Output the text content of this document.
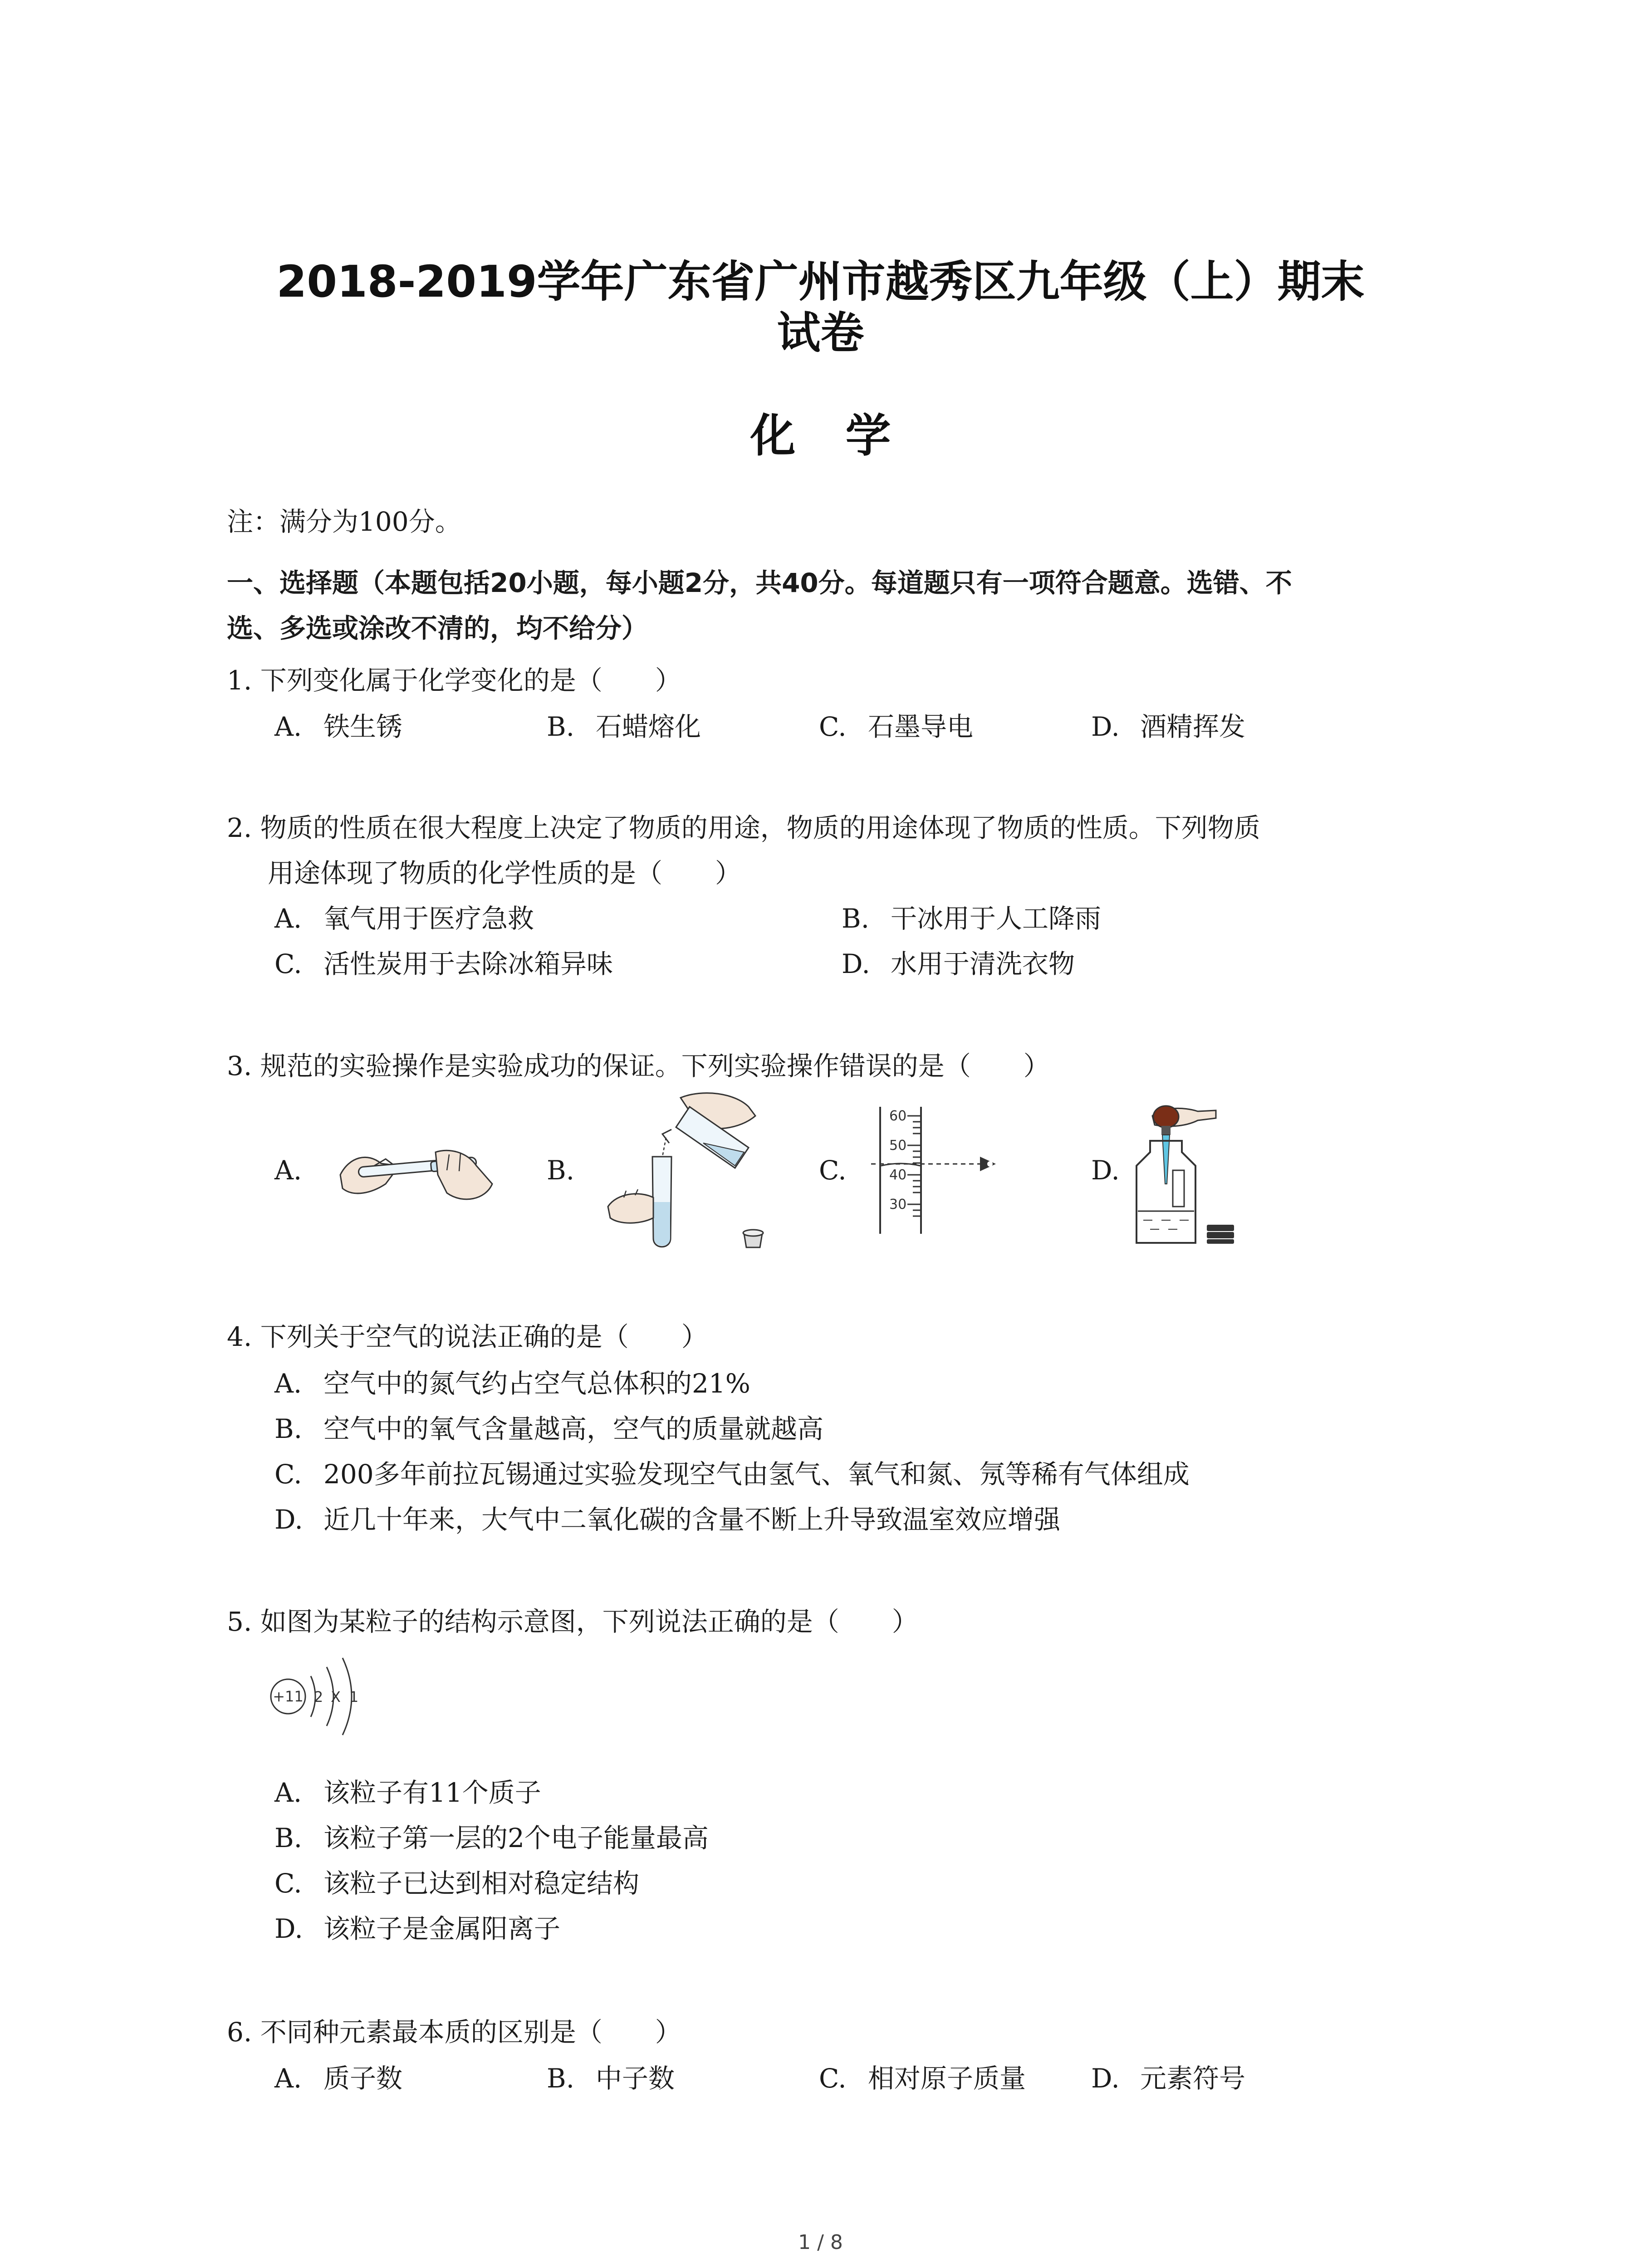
2018-2019学年广东省广州市越秀区九年级（上）期末
试卷
化学
注：满分为100分。
一、选择题（本题包括20小题，每小题2分，共40分。每道题只有一项符合题意。选错、不
选、多选或涂改不清的，均不给分）
1. 下列变化属于化学变化的是（　　）
A. 铁生锈	B. 石蜡熔化	C. 石墨导电	D. 酒精挥发
2. 物质的性质在很大程度上决定了物质的用途，物质的用途体现了物质的性质。下列物质
用途体现了物质的化学性质的是（　　）
A. 氧气用于医疗急救	B. 干冰用于人工降雨
C. 活性炭用于去除冰箱异味	D. 水用于清洗衣物
3. 规范的实验操作是实验成功的保证。下列实验操作错误的是（　　）
A.	B.	C.	D.
60
50
40
30
4. 下列关于空气的说法正确的是（　　）
A. 空气中的氮气约占空气总体积的21%
B. 空气中的氧气含量越高，空气的质量就越高
C. 200多年前拉瓦锡通过实验发现空气由氢气、氧气和氮、氖等稀有气体组成
D. 近几十年来，大气中二氧化碳的含量不断上升导致温室效应增强
5. 如图为某粒子的结构示意图，下列说法正确的是（　　）
+11 2 X 1
A. 该粒子有11个质子
B. 该粒子第一层的2个电子能量最高
C. 该粒子已达到相对稳定结构
D. 该粒子是金属阳离子
6. 不同种元素最本质的区别是（　　）
A. 质子数	B. 中子数	C. 相对原子质量 D. 元素符号
1 / 8
